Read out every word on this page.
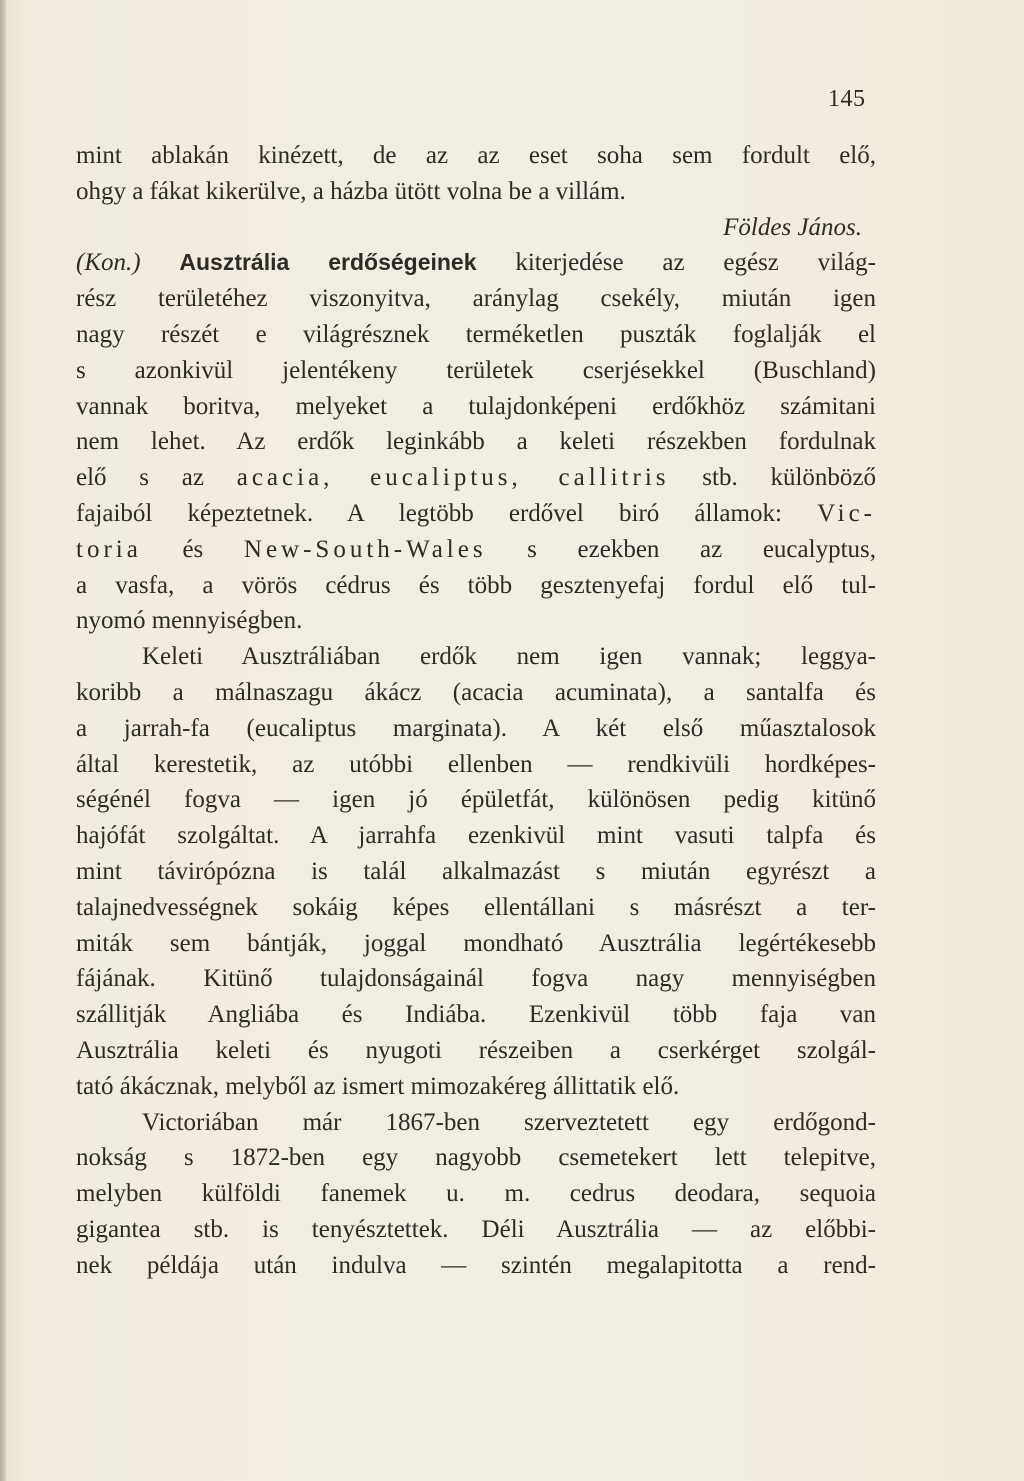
145

mint ablakán kinézett, de az az eset soha sem fordult elő,

ohgy a fákat kikerülve, a házba ütött volna be a villám.

Földes János.

(Kon.) Ausztrália erdőségeinek kiterjedése az egész világ-

rész területéhez viszonyitva, aránylag csekély, miután igen

nagy részét e világrésznek terméketlen puszták foglalják el

s azonkivül jelentékeny területek cserjésekkel (Buschland)

vannak boritva, melyeket a tulajdonképeni erdőkhöz számitani

nem lehet. Az erdők leginkább a keleti részekben fordulnak

elő s az acacia, eucaliptus, callitris stb. különböző

fajaiból képeztetnek. A legtöbb erdővel biró államok: Vic-

toria és New-South-Wales s ezekben az eucalyptus,

a vasfa, a vörös cédrus és több gesztenyefaj fordul elő tul-

nyomó mennyiségben.

Keleti Ausztráliában erdők nem igen vannak; leggya-

koribb a málnaszagu ákácz (acacia acuminata), a santalfa és

a jarrah-fa (eucaliptus marginata). A két első műasztalosok

által kerestetik, az utóbbi ellenben — rendkivüli hordképes-

ségénél fogva — igen jó épületfát, különösen pedig kitünő

hajófát szolgáltat. A jarrahfa ezenkivül mint vasuti talpfa és

mint távirópózna is talál alkalmazást s miután egyrészt a

talajnedvességnek sokáig képes ellentállani s másrészt a ter-

miták sem bántják, joggal mondható Ausztrália legértékesebb

fájának. Kitünő tulajdonságainál fogva nagy mennyiségben

szállitják Angliába és Indiába. Ezenkivül több faja van

Ausztrália keleti és nyugoti részeiben a cserkérget szolgál-

tató ákácznak, melyből az ismert mimozakéreg állittatik elő.

Victoriában már 1867-ben szerveztetett egy erdőgond-

nokság s 1872-ben egy nagyobb csemetekert lett telepitve,

melyben külföldi fanemek u. m. cedrus deodara, sequoia

gigantea stb. is tenyésztettek. Déli Ausztrália — az előbbi-

nek példája után indulva — szintén megalapitotta a rend-
